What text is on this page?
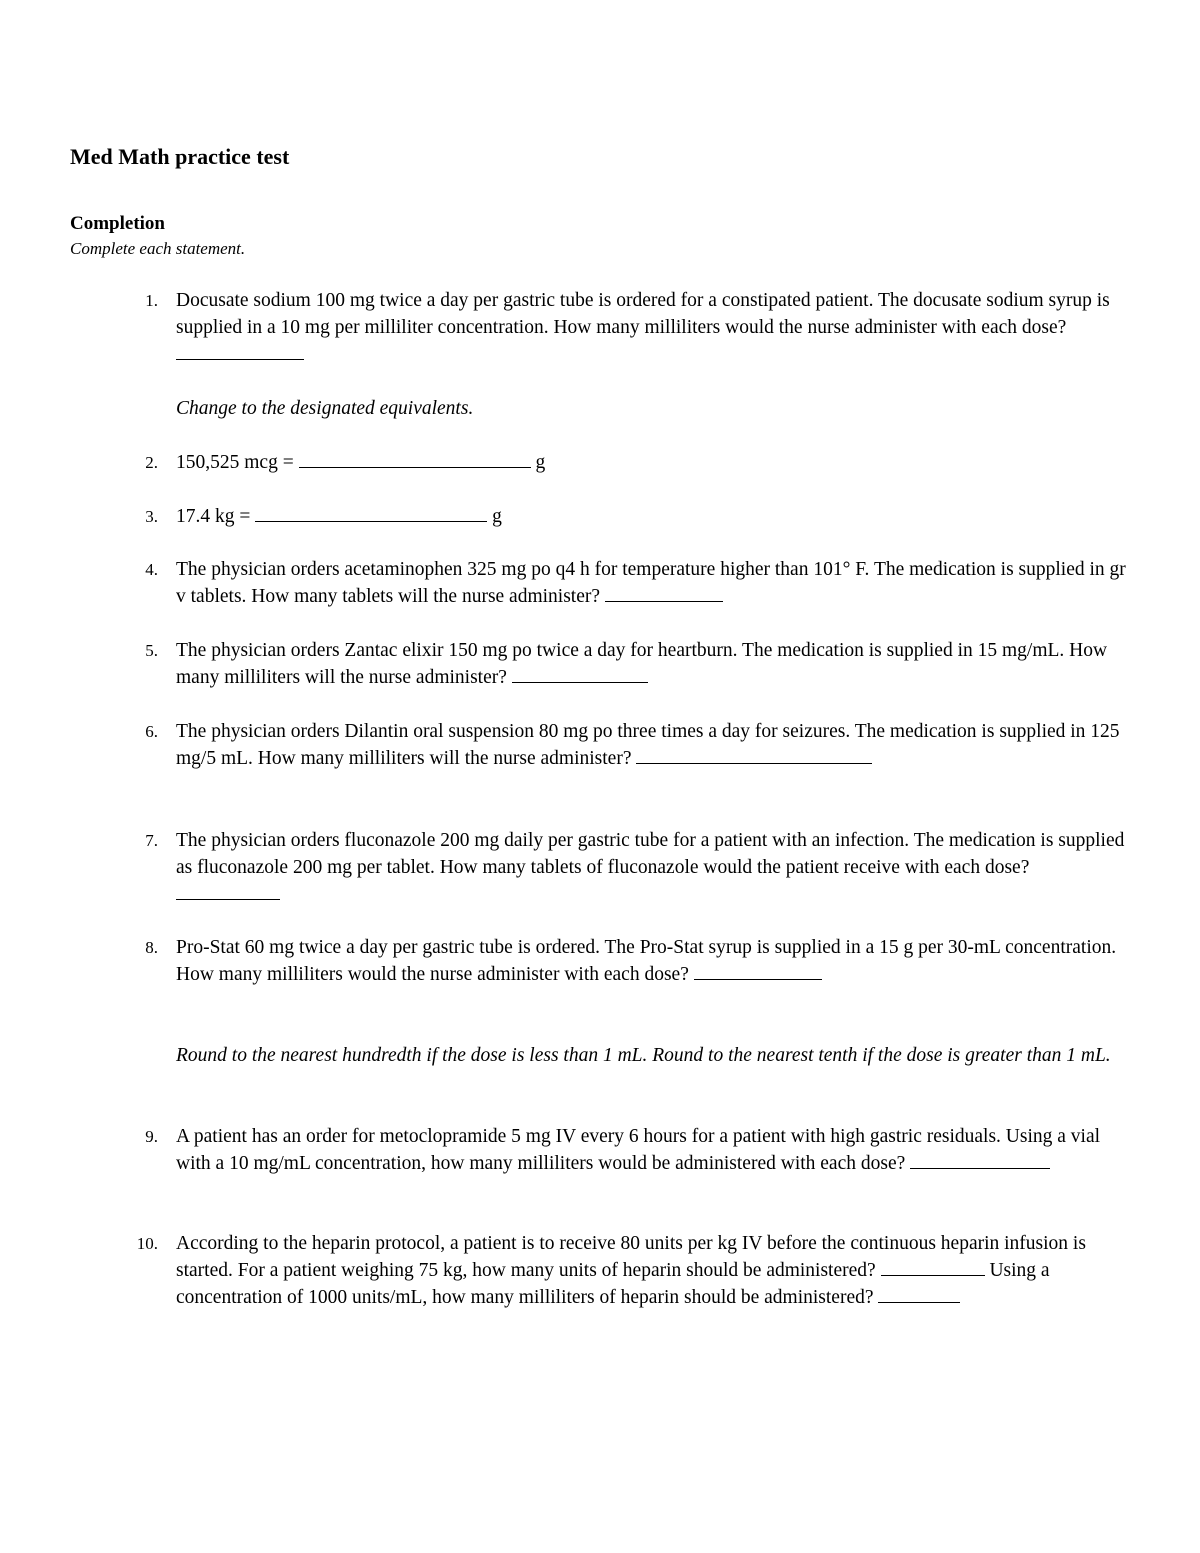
Med Math practice test
Completion
Complete each statement.
1. Docusate sodium 100 mg twice a day per gastric tube is ordered for a constipated patient. The docusate sodium syrup is supplied in a 10 mg per milliliter concentration. How many milliliters would the nurse administer with each dose?
Change to the designated equivalents.
2. 150,525 mcg =	g
3. 17.4 kg =	g
4. The physician orders acetaminophen 325 mg po q4 h for temperature higher than 101° F. The medication is supplied in gr v tablets. How many tablets will the nurse administer?
5. The physician orders Zantac elixir 150 mg po twice a day for heartburn. The medication is supplied in 15 mg/mL. How many milliliters will the nurse administer?
6. The physician orders Dilantin oral suspension 80 mg po three times a day for seizures. The medication is supplied in 125 mg/5 mL. How many milliliters will the nurse administer?
7. The physician orders fluconazole 200 mg daily per gastric tube for a patient with an infection. The medication is supplied as fluconazole 200 mg per tablet. How many tablets of fluconazole would the patient receive with each dose?
8. Pro-Stat 60 mg twice a day per gastric tube is ordered. The Pro-Stat syrup is supplied in a 15 g per 30-mL concentration. How many milliliters would the nurse administer with each dose?
Round to the nearest hundredth if the dose is less than 1 mL. Round to the nearest tenth if the dose is greater than 1 mL.
9. A patient has an order for metoclopramide 5 mg IV every 6 hours for a patient with high gastric residuals. Using a vial with a 10 mg/mL concentration, how many milliliters would be administered with each dose?
10. According to the heparin protocol, a patient is to receive 80 units per kg IV before the continuous heparin infusion is started. For a patient weighing 75 kg, how many units of heparin should be administered?	Using a concentration of 1000 units/mL, how many milliliters of heparin should be administered?
